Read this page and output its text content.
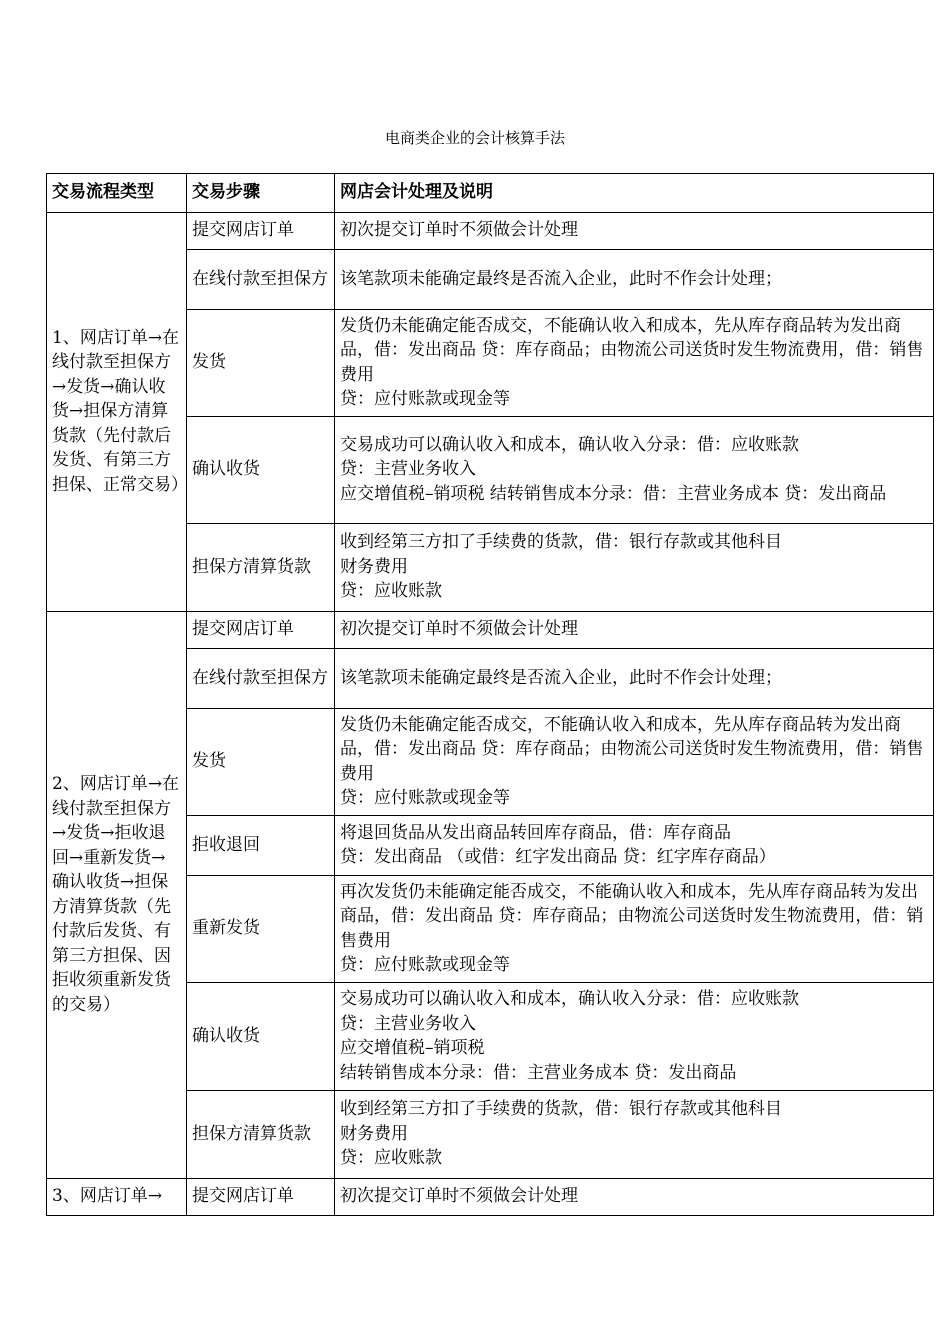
电商类企业的会计核算手法
交易流程类型	交易步骤	网店会计处理及说明
1、网店订单→在线付款至担保方→发货→确认收货→担保方清算货款（先付款后发货、有第三方担保、正常交易）	提交网店订单	初次提交订单时不须做会计处理

	在线付款至担保方	该笔款项未能确定最终是否流入企业，此时不作会计处理；

	发货	发货仍未能确定能否成交，不能确认收入和成本，先从库存商品转为发出商品，借：发出商品 贷：库存商品；由物流公司送货时发生物流费用，借：销售费用
贷：应付账款或现金等

	确认收货	交易成功可以确认收入和成本，确认收入分录：借：应收账款
贷：主营业务收入
应交增值税–销项税 结转销售成本分录：借：主营业务成本 贷：发出商品

	担保方清算货款	收到经第三方扣了手续费的货款，借：银行存款或其他科目
财务费用
贷：应收账款

2、网店订单→在线付款至担保方→发货→拒收退回→重新发货→确认收货→担保方清算货款（先付款后发货、有第三方担保、因拒收须重新发货的交易）	提交网店订单	初次提交订单时不须做会计处理

	在线付款至担保方	该笔款项未能确定最终是否流入企业，此时不作会计处理；

	发货	发货仍未能确定能否成交，不能确认收入和成本，先从库存商品转为发出商品，借：发出商品 贷：库存商品；由物流公司送货时发生物流费用，借：销售费用
贷：应付账款或现金等

	拒收退回	将退回货品从发出商品转回库存商品，借：库存商品
贷：发出商品 （或借：红字发出商品 贷：红字库存商品）

	重新发货	再次发货仍未能确定能否成交，不能确认收入和成本，先从库存商品转为发出商品，借：发出商品 贷：库存商品；由物流公司送货时发生物流费用，借：销售费用
贷：应付账款或现金等

	确认收货	交易成功可以确认收入和成本，确认收入分录：借：应收账款
贷：主营业务收入
应交增值税–销项税
结转销售成本分录：借：主营业务成本 贷：发出商品

	担保方清算货款	收到经第三方扣了手续费的货款，借：银行存款或其他科目
财务费用
贷：应收账款

3、网店订单→	提交网店订单	初次提交订单时不须做会计处理
